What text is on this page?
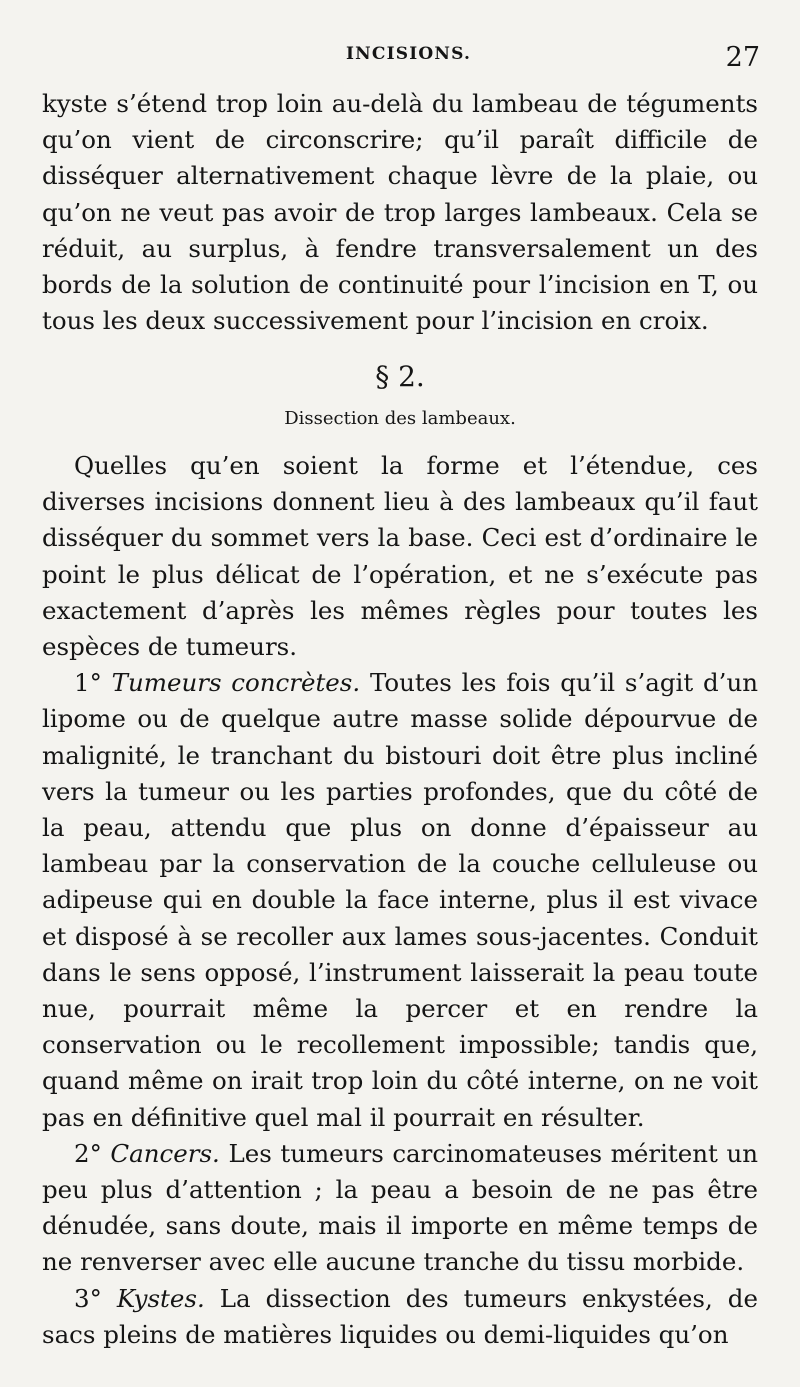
INCISIONS.	27

kyste s’étend trop loin au-delà du lambeau de téguments qu’on vient de circonscrire; qu’il paraît difficile de disséquer alternativement chaque lèvre de la plaie, ou qu’on ne veut pas avoir de trop larges lambeaux. Cela se réduit, au surplus, à fendre transversalement un des bords de la solution de continuité pour l’incision en T, ou tous les deux successivement pour l’incision en croix.

§ 2.
Dissection des lambeaux.

Quelles qu’en soient la forme et l’étendue, ces diverses incisions donnent lieu à des lambeaux qu’il faut disséquer du sommet vers la base. Ceci est d’ordinaire le point le plus délicat de l’opération, et ne s’exécute pas exactement d’après les mêmes règles pour toutes les espèces de tumeurs.

1° Tumeurs concrètes. Toutes les fois qu’il s’agit d’un lipome ou de quelque autre masse solide dépourvue de malignité, le tranchant du bistouri doit être plus incliné vers la tumeur ou les parties profondes, que du côté de la peau, attendu que plus on donne d’épaisseur au lambeau par la conservation de la couche celluleuse ou adipeuse qui en double la face interne, plus il est vivace et disposé à se recoller aux lames sous-jacentes. Conduit dans le sens opposé, l’instrument laisserait la peau toute nue, pourrait même la percer et en rendre la conservation ou le recollement impossible; tandis que, quand même on irait trop loin du côté interne, on ne voit pas en définitive quel mal il pourrait en résulter.

2° Cancers. Les tumeurs carcinomateuses méritent un peu plus d’attention ; la peau a besoin de ne pas être dénudée, sans doute, mais il importe en même temps de ne renverser avec elle aucune tranche du tissu morbide.

3° Kystes. La dissection des tumeurs enkystées, de sacs pleins de matières liquides ou demi-liquides qu’on
